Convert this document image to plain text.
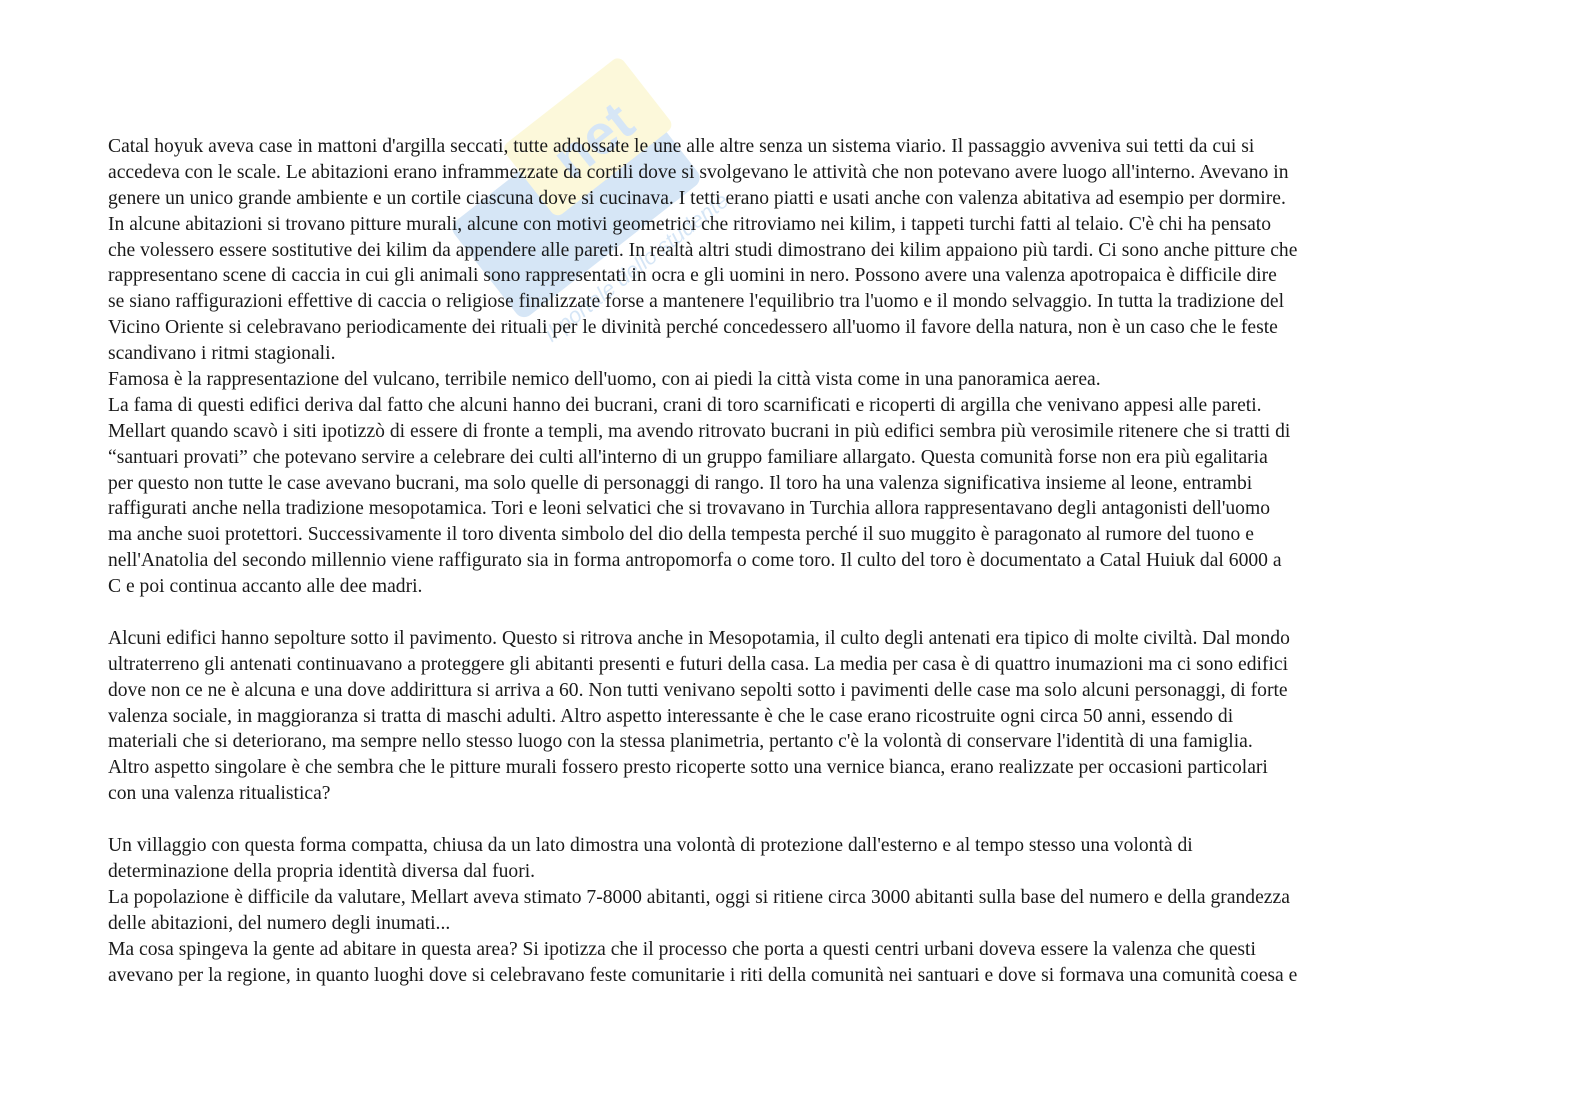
net
il portale dello studente
Catal hoyuk aveva case in mattoni d'argilla seccati, tutte addossate le une alle altre senza un sistema viario. Il passaggio avveniva sui tetti da cui si
accedeva con le scale. Le abitazioni erano inframmezzate da cortili dove si svolgevano le attività che non potevano avere luogo all'interno. Avevano in
genere un unico grande ambiente e un cortile ciascuna dove si cucinava. I tetti erano piatti e usati anche con valenza abitativa ad esempio per dormire.
In alcune abitazioni si trovano pitture murali, alcune con motivi geometrici che ritroviamo nei kilim, i tappeti turchi fatti al telaio. C'è chi ha pensato
che volessero essere sostitutive dei kilim da appendere alle pareti. In realtà altri studi dimostrano dei kilim appaiono più tardi. Ci sono anche pitture che
rappresentano scene di caccia in cui gli animali sono rappresentati in ocra e gli uomini in nero. Possono avere una valenza apotropaica è difficile dire
se siano raffigurazioni effettive di caccia o religiose finalizzate forse a mantenere l'equilibrio tra l'uomo e il mondo selvaggio. In tutta la tradizione del
Vicino Oriente si celebravano periodicamente dei rituali per le divinità perché concedessero all'uomo il favore della natura, non è un caso che le feste
scandivano i ritmi stagionali.
Famosa è la rappresentazione del vulcano, terribile nemico dell'uomo, con ai piedi la città vista come in una panoramica aerea.
La fama di questi edifici deriva dal fatto che alcuni hanno dei bucrani, crani di toro scarnificati e ricoperti di argilla che venivano appesi alle pareti.
Mellart quando scavò i siti ipotizzò di essere di fronte a templi, ma avendo ritrovato bucrani in più edifici sembra più verosimile ritenere che si tratti di
“santuari provati” che potevano servire a celebrare dei culti all'interno di un gruppo familiare allargato. Questa comunità forse non era più egalitaria
per questo non tutte le case avevano bucrani, ma solo quelle di personaggi di rango. Il toro ha una valenza significativa insieme al leone, entrambi
raffigurati anche nella tradizione mesopotamica. Tori e leoni selvatici che si trovavano in Turchia allora rappresentavano degli antagonisti dell'uomo
ma anche suoi protettori. Successivamente il toro diventa simbolo del dio della tempesta perché il suo muggito è paragonato al rumore del tuono e
nell'Anatolia del secondo millennio viene raffigurato sia in forma antropomorfa o come toro. Il culto del toro è documentato a Catal Huiuk dal 6000 a
C e poi continua accanto alle dee madri.
Alcuni edifici hanno sepolture sotto il pavimento. Questo si ritrova anche in Mesopotamia, il culto degli antenati era tipico di molte civiltà. Dal mondo
ultraterreno gli antenati continuavano a proteggere gli abitanti presenti e futuri della casa. La media per casa è di quattro inumazioni ma ci sono edifici
dove non ce ne è alcuna e una dove addirittura si arriva a 60. Non tutti venivano sepolti sotto i pavimenti delle case ma solo alcuni personaggi, di forte
valenza sociale, in maggioranza si tratta di maschi adulti. Altro aspetto interessante è che le case erano ricostruite ogni circa 50 anni, essendo di
materiali che si deteriorano, ma sempre nello stesso luogo con la stessa planimetria, pertanto c'è la volontà di conservare l'identità di una famiglia.
Altro aspetto singolare è che sembra che le pitture murali fossero presto ricoperte sotto una vernice bianca, erano realizzate per occasioni particolari
con una valenza ritualistica?
Un villaggio con questa forma compatta, chiusa da un lato dimostra una volontà di protezione dall'esterno e al tempo stesso una volontà di
determinazione della propria identità diversa dal fuori.
La popolazione è difficile da valutare, Mellart aveva stimato 7-8000 abitanti, oggi si ritiene circa 3000 abitanti sulla base del numero e della grandezza
delle abitazioni, del numero degli inumati...
Ma cosa spingeva la gente ad abitare in questa area? Si ipotizza che il processo che porta a questi centri urbani doveva essere la valenza che questi
avevano per la regione, in quanto luoghi dove si celebravano feste comunitarie i riti della comunità nei santuari e dove si formava una comunità coesa e
